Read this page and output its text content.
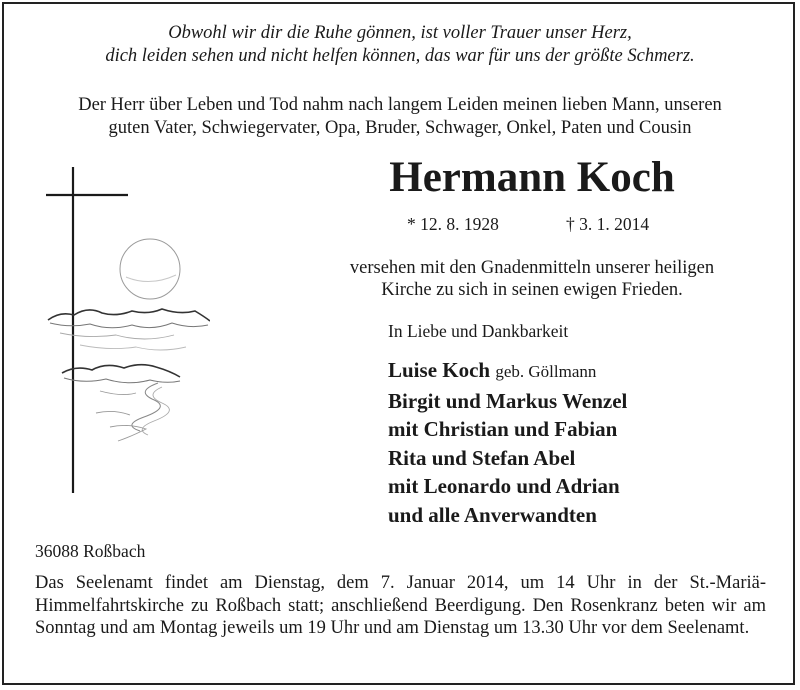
Obwohl wir dir die Ruhe gönnen, ist voller Trauer unser Herz,
dich leiden sehen und nicht helfen können, das war für uns der größte Schmerz.
Der Herr über Leben und Tod nahm nach langem Leiden meinen lieben Mann, unseren
guten Vater, Schwiegervater, Opa, Bruder, Schwager, Onkel, Paten und Cousin
Hermann Koch
* 12. 8. 1928	† 3. 1. 2014
versehen mit den Gnadenmitteln unserer heiligen
Kirche zu sich in seinen ewigen Frieden.
In Liebe und Dankbarkeit
Luise Koch geb. Göllmann
Birgit und Markus Wenzel
mit Christian und Fabian
Rita und Stefan Abel
mit Leonardo und Adrian
und alle Anverwandten
36088 Roßbach
Das Seelenamt findet am Dienstag, dem 7. Januar 2014, um 14 Uhr in der St.-Mariä-Himmelfahrtskirche zu Roßbach statt; anschließend Beerdigung. Den Rosenkranz beten wir am Sonntag und am Montag jeweils um 19 Uhr und am Dienstag um 13.30 Uhr vor dem Seelenamt.
